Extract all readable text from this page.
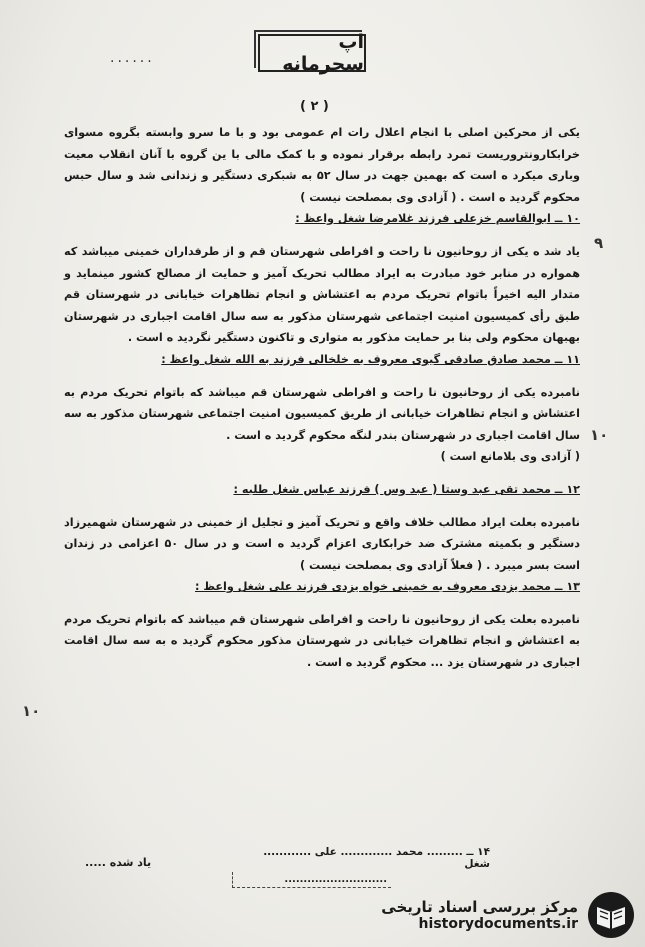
......
اپ سحرمانه
( ۲ )
۹
۱۰
۱۰

یکی از محرکین اصلی با انجام اعلال رات ام عمومی بود و با ما سرو وابسته بگروه مسوای خرابکارونتروریست تمرد رابطه برقرار نموده و با کمک مالی با ین گروه با آنان انقلاب معیت وباری میکرد ه است که بهمین جهت در سال ۵۲ به شبکری دستگیر و زندانی شد و سال حبس محکوم گردید ه است . ( آزادی وی بمصلحت نیست )

۱۰ ــ ابوالقاسم خزعلی فرزند غلامرضا شغل واعظ :

یاد شد ه یکی از روحانیون نا راحت و افراطی شهرستان قم و از طرفداران خمینی میباشد که همواره در منابر خود مبادرت به ایراد مطالب تحریک آمیز و حمایت از مصالح کشور مینماید و متدار الیه اخیراً باتوام تحریک مردم به اعتشاش و انجام تظاهرات خیابانی در شهرستان قم طبق رأی کمیسیون امنیت اجتماعی شهرستان مذکور به سه سال اقامت اجباری در شهرستان بهبهان محکوم ولی بنا بر حمایت مذکور به متواری و تاکنون دستگیر نگردید ه است .

۱۱ ــ محمد صادق صادقی گیوی معروف به خلخالی فرزند به الله شغل واعظ :

نامبرده یکی از روحانیون نا راحت و افراطی شهرستان قم میباشد که باتوام تحریک مردم به اعتشاش و انجام تظاهرات خیابانی از طریق کمیسیون امنیت اجتماعی شهرستان مذکور به سه سال اقامت اجباری در شهرستان بندر لنگه محکوم گردید ه است .

( آزادی وی بلامانع است )

۱۲ ــ محمد تقی عبد وستا ( عبد وس ) فرزند عباس شغل طلبه :

نامبرده بعلت ایراد مطالب خلاف واقع و تحریک آمیز و تجلیل از خمینی در شهرستان شهمیرزاد دستگیر و بکمیته مشترک ضد خرابکاری اعزام گردید ه است و در سال ۵۰ اعزامی در زندان است بسر میبرد . ( فعلاً آزادی وی بمصلحت نیست )

۱۳ ــ محمد یزدی معروف به خمینی خواه یزدی فرزند علی شغل واعظ :

نامبرده بعلت یکی از روحانیون نا راحت و افراطی شهرستان قم میباشد که باتوام تحریک مردم به اعتشاش و انجام تظاهرات خیابانی در شهرستان مذکور محکوم گردید ه به سه سال اقامت اجباری در شهرستان یزد ... محکوم گردید ه است .

۱۴ ــ ......... محمد ............. علی ............ شغل
یاد شده .....
...........................
مرکز بررسی اسناد تاریخی
historydocuments.ir
